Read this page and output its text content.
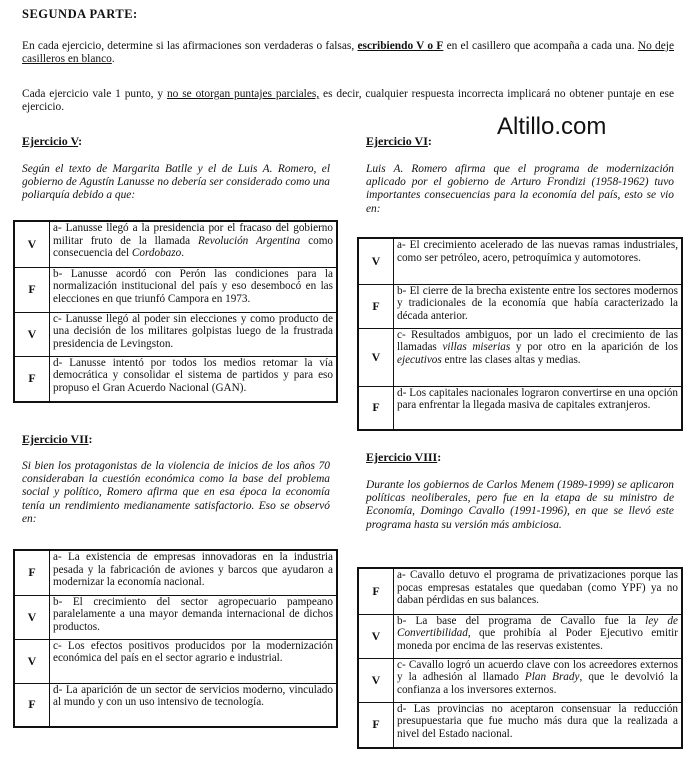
SEGUNDA PARTE:
En cada ejercicio, determine si las afirmaciones son verdaderas o falsas, escribiendo V o F en el casillero que acompaña a cada una. No deje casilleros en blanco.
Cada ejercicio vale 1 punto, y no se otorgan puntajes parciales, es decir, cualquier respuesta incorrecta implicará no obtener puntaje en ese ejercicio.
Altillo.com
Ejercicio V:
Según el texto de Margarita Batlle y el de Luis A. Romero, el gobierno de Agustín Lanusse no debería ser considerado como una poliarquía debido a que:
V	a- Lanusse llegó a la presidencia por el fracaso del gobierno militar fruto de la llamada Revolución Argentina como consecuencia del Cordobazo.
F	b- Lanusse acordó con Perón las condiciones para la normalización institucional del país y eso desembocó en las elecciones en que triunfó Campora en 1973.
V	c- Lanusse llegó al poder sin elecciones y como producto de una decisión de los militares golpistas luego de la frustrada presidencia de Levingston.
F	d- Lanusse intentó por todos los medios retomar la vía democrática y consolidar el sistema de partidos y para eso propuso el Gran Acuerdo Nacional (GAN).
Ejercicio VI:
Luis A. Romero afirma que el programa de modernización aplicado por el gobierno de Arturo Frondizi (1958-1962) tuvo importantes consecuencias para la economía del país, esto se vio en:
V	a- El crecimiento acelerado de las nuevas ramas industriales, como ser petróleo, acero, petroquímica y automotores.
F	b- El cierre de la brecha existente entre los sectores modernos y tradicionales de la economía que había caracterizado la década anterior.
V	c- Resultados ambiguos, por un lado el crecimiento de las llamadas villas miserias y por otro en la aparición de los ejecutivos entre las clases altas y medias.
F	d- Los capitales nacionales lograron convertirse en una opción para enfrentar la llegada masiva de capitales extranjeros.
Ejercicio VII:
Si bien los protagonistas de la violencia de inicios de los años 70 consideraban la cuestión económica como la base del problema social y político, Romero afirma que en esa época la economía tenía un rendimiento medianamente satisfactorio. Eso se observó en:
F	a- La existencia de empresas innovadoras en la industria pesada y la fabricación de aviones y barcos que ayudaron a modernizar la economía nacional.
V	b- El crecimiento del sector agropecuario pampeano paralelamente a una mayor demanda internacional de dichos productos.
V	c- Los efectos positivos producidos por la modernización económica del país en el sector agrario e industrial.
F	d- La aparición de un sector de servicios moderno, vinculado al mundo y con un uso intensivo de tecnología.
Ejercicio VIII:
Durante los gobiernos de Carlos Menem (1989-1999) se aplicaron políticas neoliberales, pero fue en la etapa de su ministro de Economía, Domingo Cavallo (1991-1996), en que se llevó este programa hasta su versión más ambiciosa.
F	a- Cavallo detuvo el programa de privatizaciones porque las pocas empresas estatales que quedaban (como YPF) ya no daban pérdidas en sus balances.
V	b- La base del programa de Cavallo fue la ley de Convertibilidad, que prohibía al Poder Ejecutivo emitir moneda por encima de las reservas existentes.
V	c- Cavallo logró un acuerdo clave con los acreedores externos y la adhesión al llamado Plan Brady, que le devolvió la confianza a los inversores externos.
F	d- Las provincias no aceptaron consensuar la reducción presupuestaria que fue mucho más dura que la realizada a nivel del Estado nacional.
